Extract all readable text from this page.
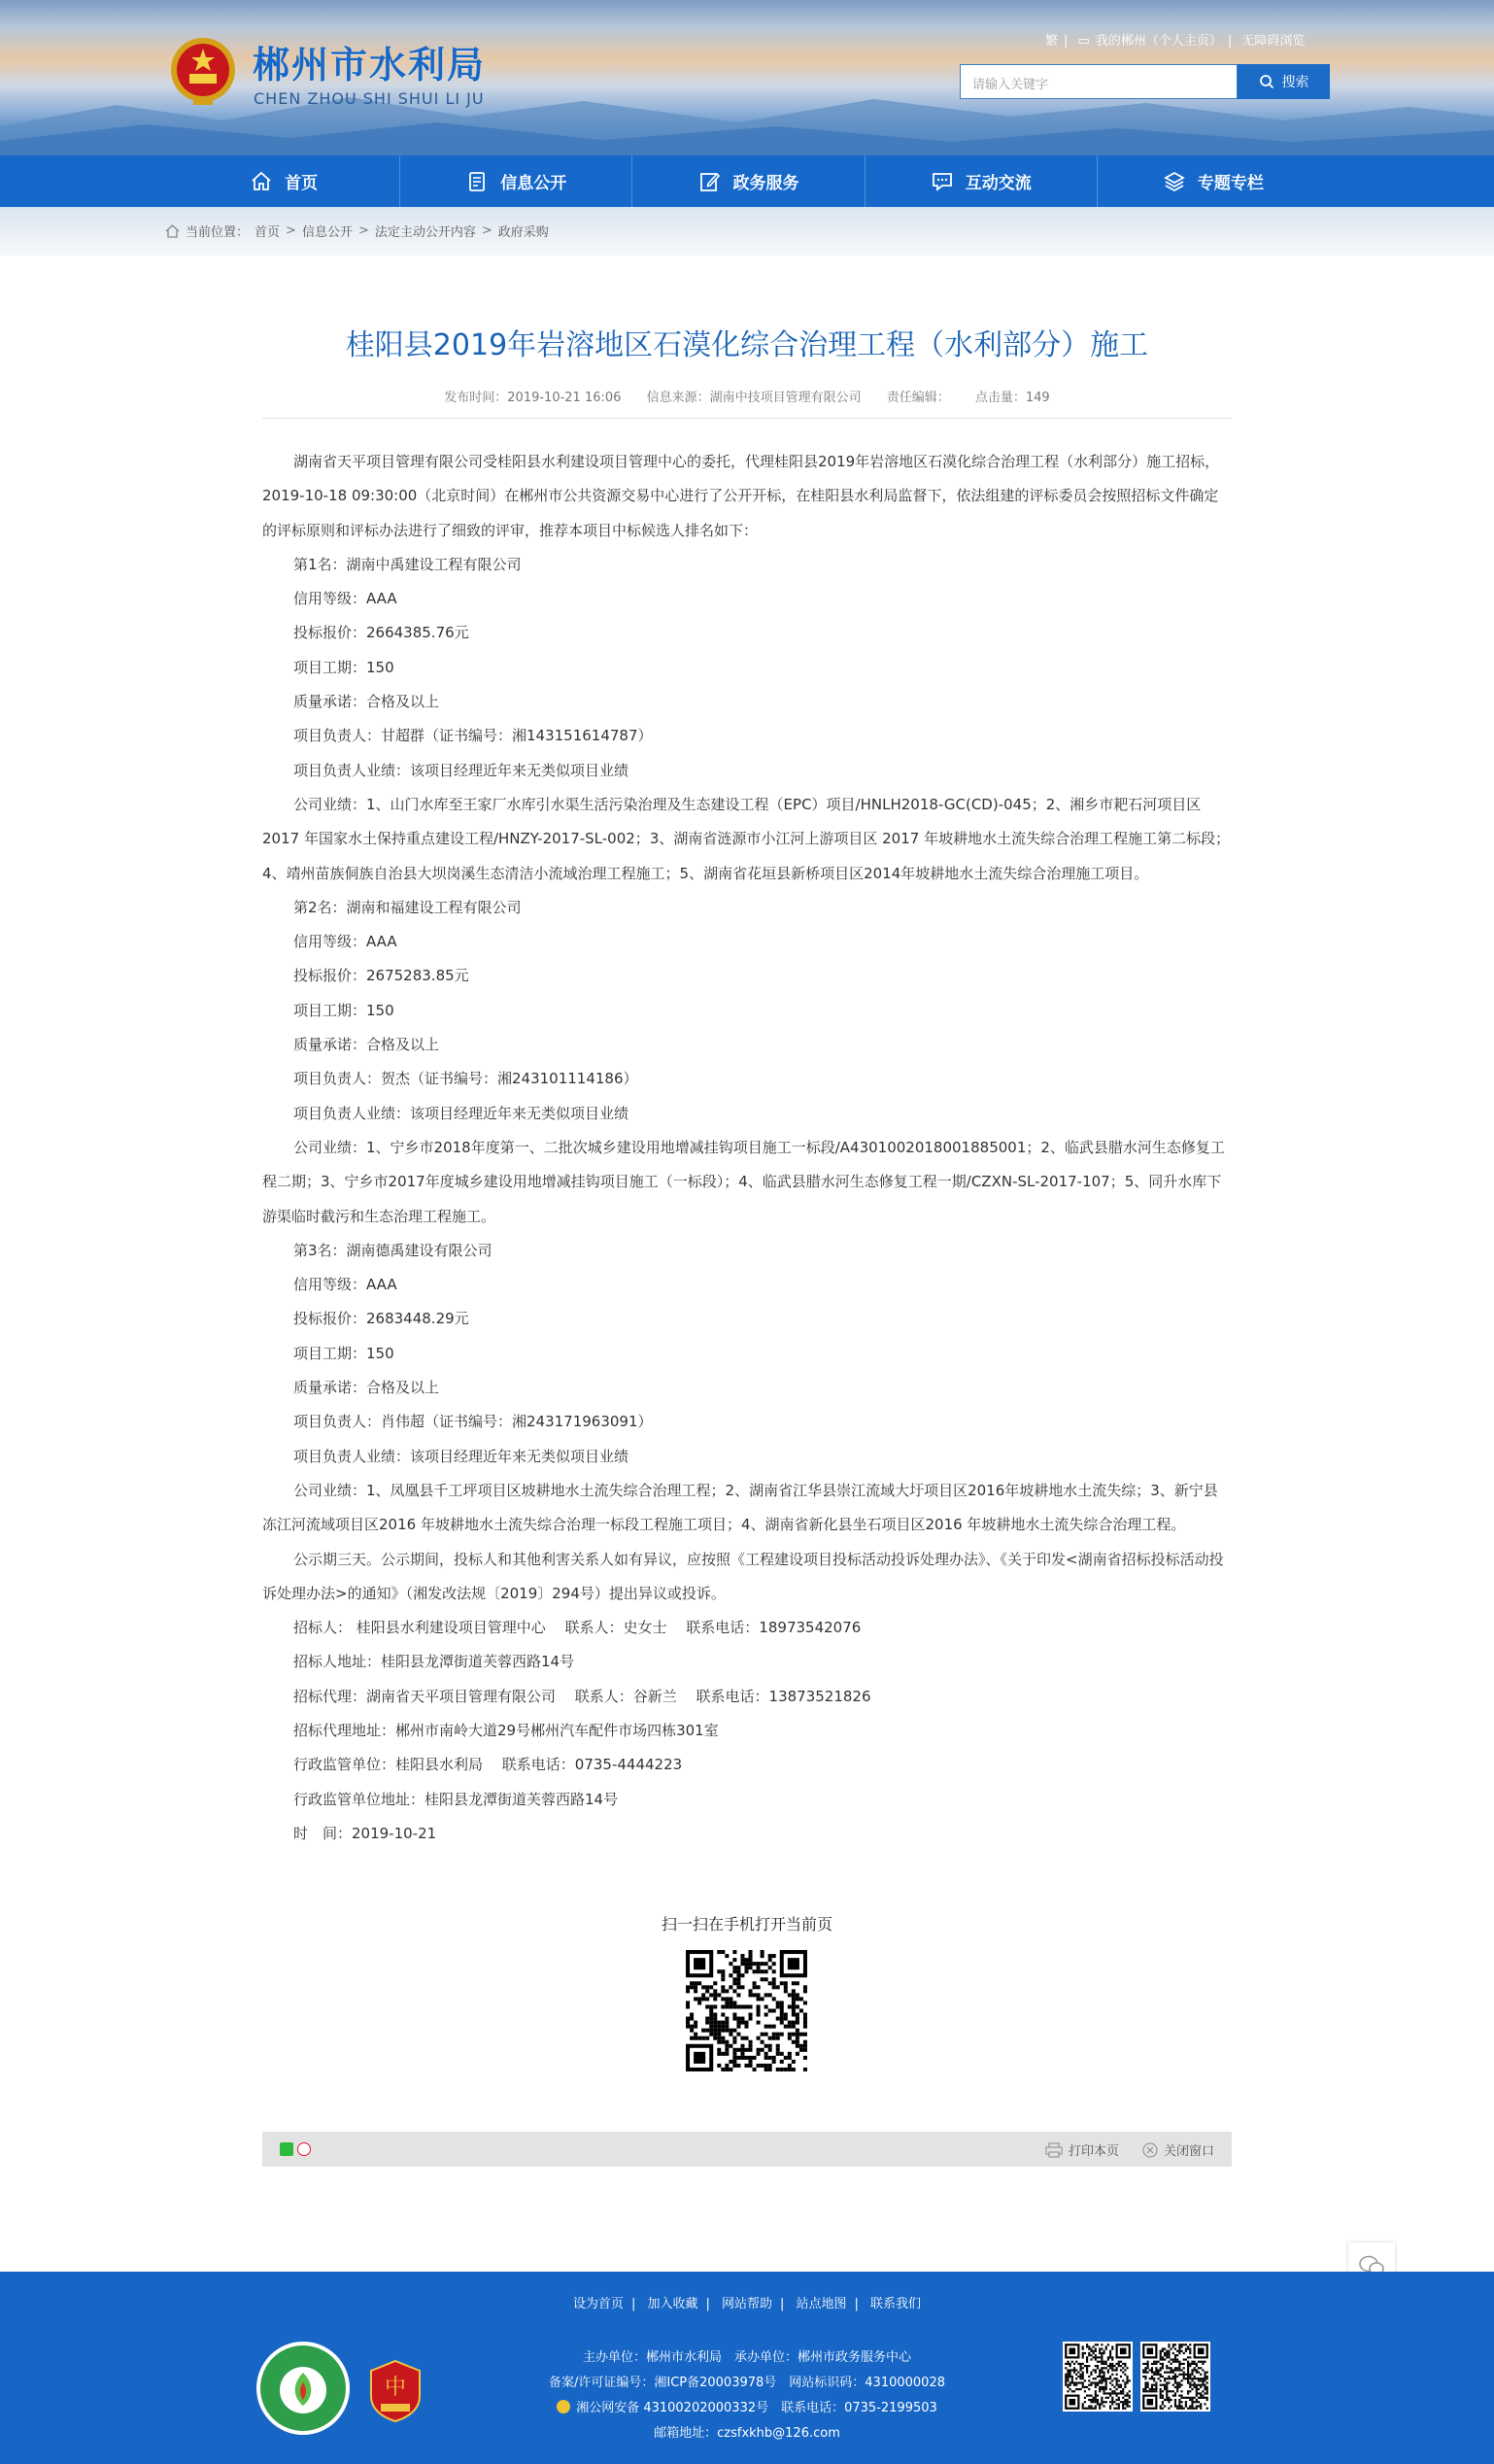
郴州市水利局
CHEN ZHOU SHI SHUI LI JU
繁 | ▭ 我的郴州（个人主页） | 无障碍浏览
请输入关键字	搜索
首页	信息公开	政务服务	互动交流	专题专栏
当前位置： 首页 > 信息公开 > 法定主动公开内容 > 政府采购
桂阳县2019年岩溶地区石漠化综合治理工程（水利部分）施工
发布时间：2019-10-21 16:06 信息来源：湖南中技项目管理有限公司 责任编辑： 点击量：149

湖南省天平项目管理有限公司受桂阳县水利建设项目管理中心的委托，代理桂阳县2019年岩溶地区石漠化综合治理工程（水利部分）施工招标，2019-10-18 09:30:00（北京时间）在郴州市公共资源交易中心进行了公开开标，在桂阳县水利局监督下，依法组建的评标委员会按照招标文件确定的评标原则和评标办法进行了细致的评审，推荐本项目中标候选人排名如下：

第1名：湖南中禹建设工程有限公司

信用等级：AAA

投标报价：2664385.76元

项目工期：150

质量承诺：合格及以上

项目负责人：甘超群（证书编号：湘143151614787）

项目负责人业绩：该项目经理近年来无类似项目业绩

公司业绩：1、山门水库至王家厂水库引水渠生活污染治理及生态建设工程（EPC）项目/HNLH2018-GC(CD)-045；2、湘乡市耙石河项目区2017 年国家水土保持重点建设工程/HNZY-2017-SL-002；3、湖南省涟源市小江河上游项目区 2017 年坡耕地水土流失综合治理工程施工第二标段；4、靖州苗族侗族自治县大坝岗溪生态清洁小流域治理工程施工；5、湖南省花垣县新桥项目区2014年坡耕地水土流失综合治理施工项目。

第2名：湖南和福建设工程有限公司

信用等级：AAA

投标报价：2675283.85元

项目工期：150

质量承诺：合格及以上

项目负责人：贺杰（证书编号：湘243101114186）

项目负责人业绩：该项目经理近年来无类似项目业绩

公司业绩：1、宁乡市2018年度第一、二批次城乡建设用地增减挂钩项目施工一标段/A4301002018001885001；2、临武县腊水河生态修复工程二期；3、宁乡市2017年度城乡建设用地增减挂钩项目施工（一标段）；4、临武县腊水河生态修复工程一期/CZXN-SL-2017-107；5、同升水库下游渠临时截污和生态治理工程施工。

第3名：湖南德禹建设有限公司

信用等级：AAA

投标报价：2683448.29元

项目工期：150

质量承诺：合格及以上

项目负责人：肖伟超（证书编号：湘243171963091）

项目负责人业绩：该项目经理近年来无类似项目业绩

公司业绩：1、凤凰县千工坪项目区坡耕地水土流失综合治理工程；2、湖南省江华县崇江流域大圩项目区2016年坡耕地水土流失综；3、新宁县冻江河流域项目区2016 年坡耕地水土流失综合治理一标段工程施工项目；4、湖南省新化县坐石项目区2016 年坡耕地水土流失综合治理工程。

公示期三天。公示期间，投标人和其他利害关系人如有异议，应按照《工程建设项目投标活动投诉处理办法》、《关于印发<湖南省招标投标活动投诉处理办法>的通知》（湘发改法规〔2019〕294号）提出异议或投诉。

招标人： 桂阳县水利建设项目管理中心　 联系人：史女士　 联系电话：18973542076

招标人地址：桂阳县龙潭街道芙蓉西路14号

招标代理：湖南省天平项目管理有限公司　 联系人：谷新兰　 联系电话：13873521826

招标代理地址：郴州市南岭大道29号郴州汽车配件市场四栋301室

行政监管单位：桂阳县水利局　 联系电话：0735-4444223

行政监管单位地址：桂阳县龙潭街道芙蓉西路14号

时　间：2019-10-21

扫一扫在手机打开当前页
打印本页	关闭窗口
设为首页 | 加入收藏 | 网站帮助 | 站点地图 | 联系我们
中
主办单位：郴州市水利局　承办单位：郴州市政务服务中心
备案/许可证编号：湘ICP备20003978号　网站标识码：4310000028
湘公网安备 43100202000332号　联系电话：0735-2199503
邮箱地址：czsfxkhb@126.com
